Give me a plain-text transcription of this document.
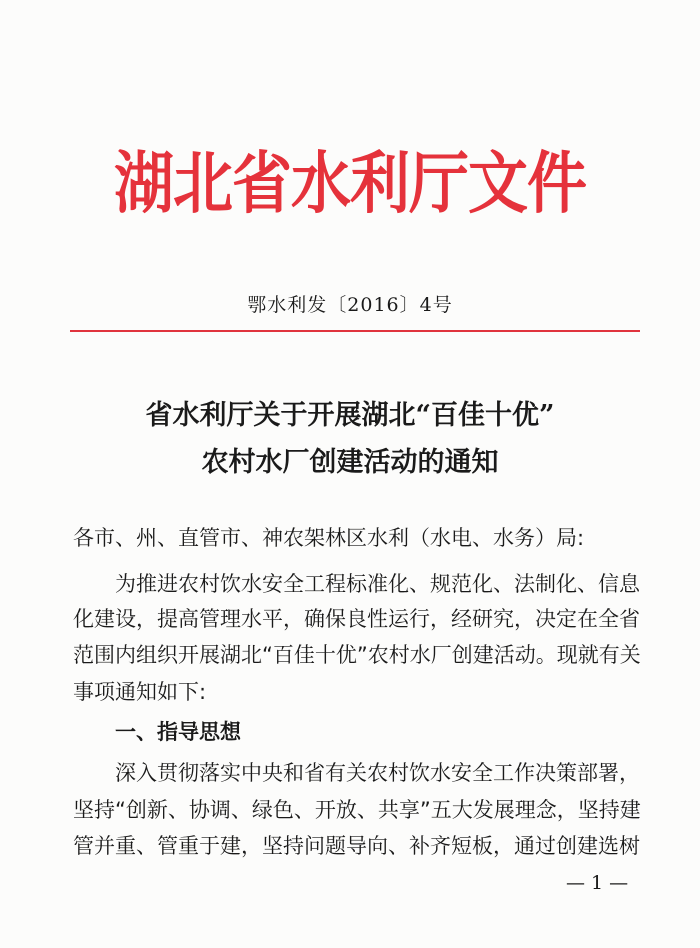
湖北省水利厅文件
鄂水利发〔2016〕4号
省水利厅关于开展湖北“百佳十优”
农村水厂创建活动的通知
各市、州、直管市、神农架林区水利（水电、水务）局:
为推进农村饮水安全工程标准化、规范化、法制化、信息
化建设，提高管理水平，确保良性运行，经研究，决定在全省
范围内组织开展湖北“百佳十优”农村水厂创建活动。现就有关
事项通知如下:
一、指导思想
深入贯彻落实中央和省有关农村饮水安全工作决策部署，
坚持“创新、协调、绿色、开放、共享”五大发展理念，坚持建
管并重、管重于建，坚持问题导向、补齐短板，通过创建选树
— 1 —
